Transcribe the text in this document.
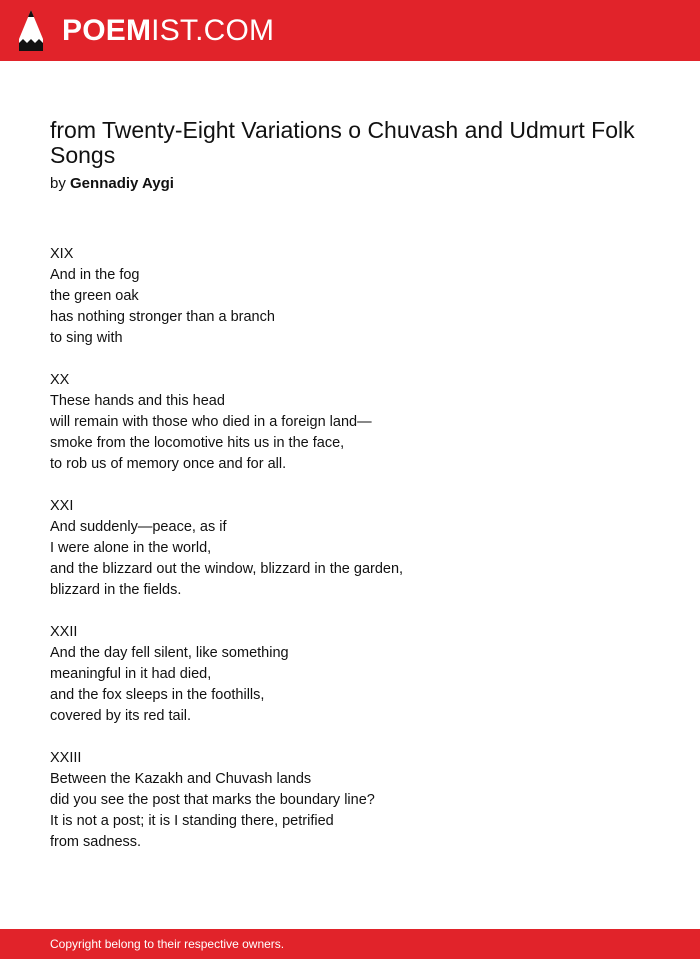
POEMIST.COM
from Twenty-Eight Variations o Chuvash and Udmurt Folk Songs
by Gennadiy Aygi
XIX
And in the fog
the green oak
has nothing stronger than a branch
to sing with
XX
These hands and this head
will remain with those who died in a foreign land—
smoke from the locomotive hits us in the face,
to rob us of memory once and for all.
XXI
And suddenly—peace, as if
I were alone in the world,
and the blizzard out the window, blizzard in the garden,
blizzard in the fields.
XXII
And the day fell silent, like something
meaningful in it had died,
and the fox sleeps in the foothills,
covered by its red tail.
XXIII
Between the Kazakh and Chuvash lands
did you see the post that marks the boundary line?
It is not a post; it is I standing there, petrified
from sadness.
Copyright belong to their respective owners.
